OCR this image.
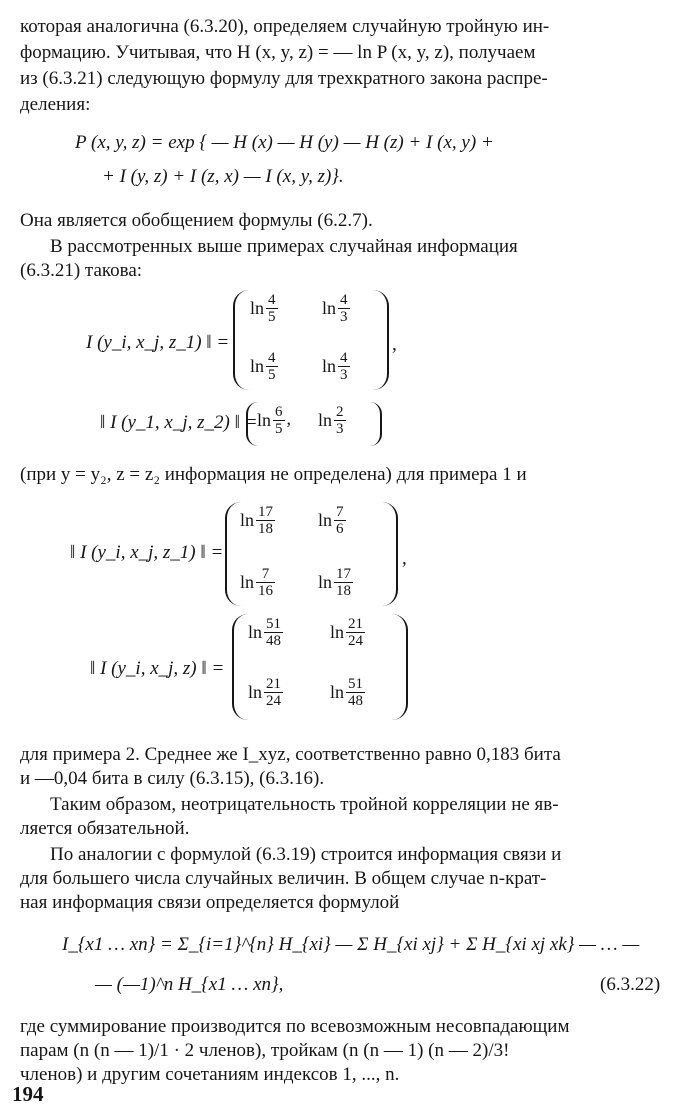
которая аналогична (6.3.20), определяем случайную тройную ин-
формацию. Учитывая, что H (x, y, z) = — ln P (x, y, z), получаем
из (6.3.21) следующую формулу для трехкратного закона распре-
деления:
P (x, y, z) = exp { — H (x) — H (y) — H (z) + I (x, y) +
+ I (y, z) + I (z, x) — I (x, y, z)}.
Она является обобщением формулы (6.2.7).
В рассмотренных выше примерах случайная информация
(6.3.21) такова:
I (y_i, x_j, z_1) ‖ =
$\ln \frac{4}{5}$ $\ln \frac{4}{3}$
$\ln \frac{4}{5}$ $\ln \frac{4}{3}$
,
‖ I (y_1, x_j, z_2) ‖ = $\ln \frac{6}{5}$ , $\ln \frac{2}{3}$
(при y = y₂, z = z₂ информация не определена) для примера 1 и
‖ I (y_i, x_j, z_1) ‖ =
$\ln \frac{17}{18}$ $\ln \frac{7}{6}$
$\ln \frac{7}{16}$ $\ln \frac{17}{18}$
,
‖ I (y_i, x_j, z) ‖ =
$\ln \frac{51}{48}$	$\ln \frac{21}{24}$
$\ln \frac{21}{24}$	$\ln \frac{51}{48}$
для примера 2. Среднее же I_xyz, соответственно равно 0,183 бита
и —0,04 бита в силу (6.3.15), (6.3.16).
Таким образом, неотрицательность тройной корреляции не яв-
ляется обязательной.
По аналогии с формулой (6.3.19) строится информация связи и
для большего числа случайных величин. В общем случае n-крат-
ная информация связи определяется формулой
I_{x1 … xn} = Σ_{i=1}^{n} H_{xi} — Σ H_{xi xj} + Σ H_{xi xj xk} — … —
— (—1)^n H_{x1 … xn},	(6.3.22)
где суммирование производится по всевозможным несовпадающим
парам (n (n — 1)/1 · 2 членов), тройкам (n (n — 1) (n — 2)/3!
членов) и другим сочетаниям индексов 1, ..., n.
194
